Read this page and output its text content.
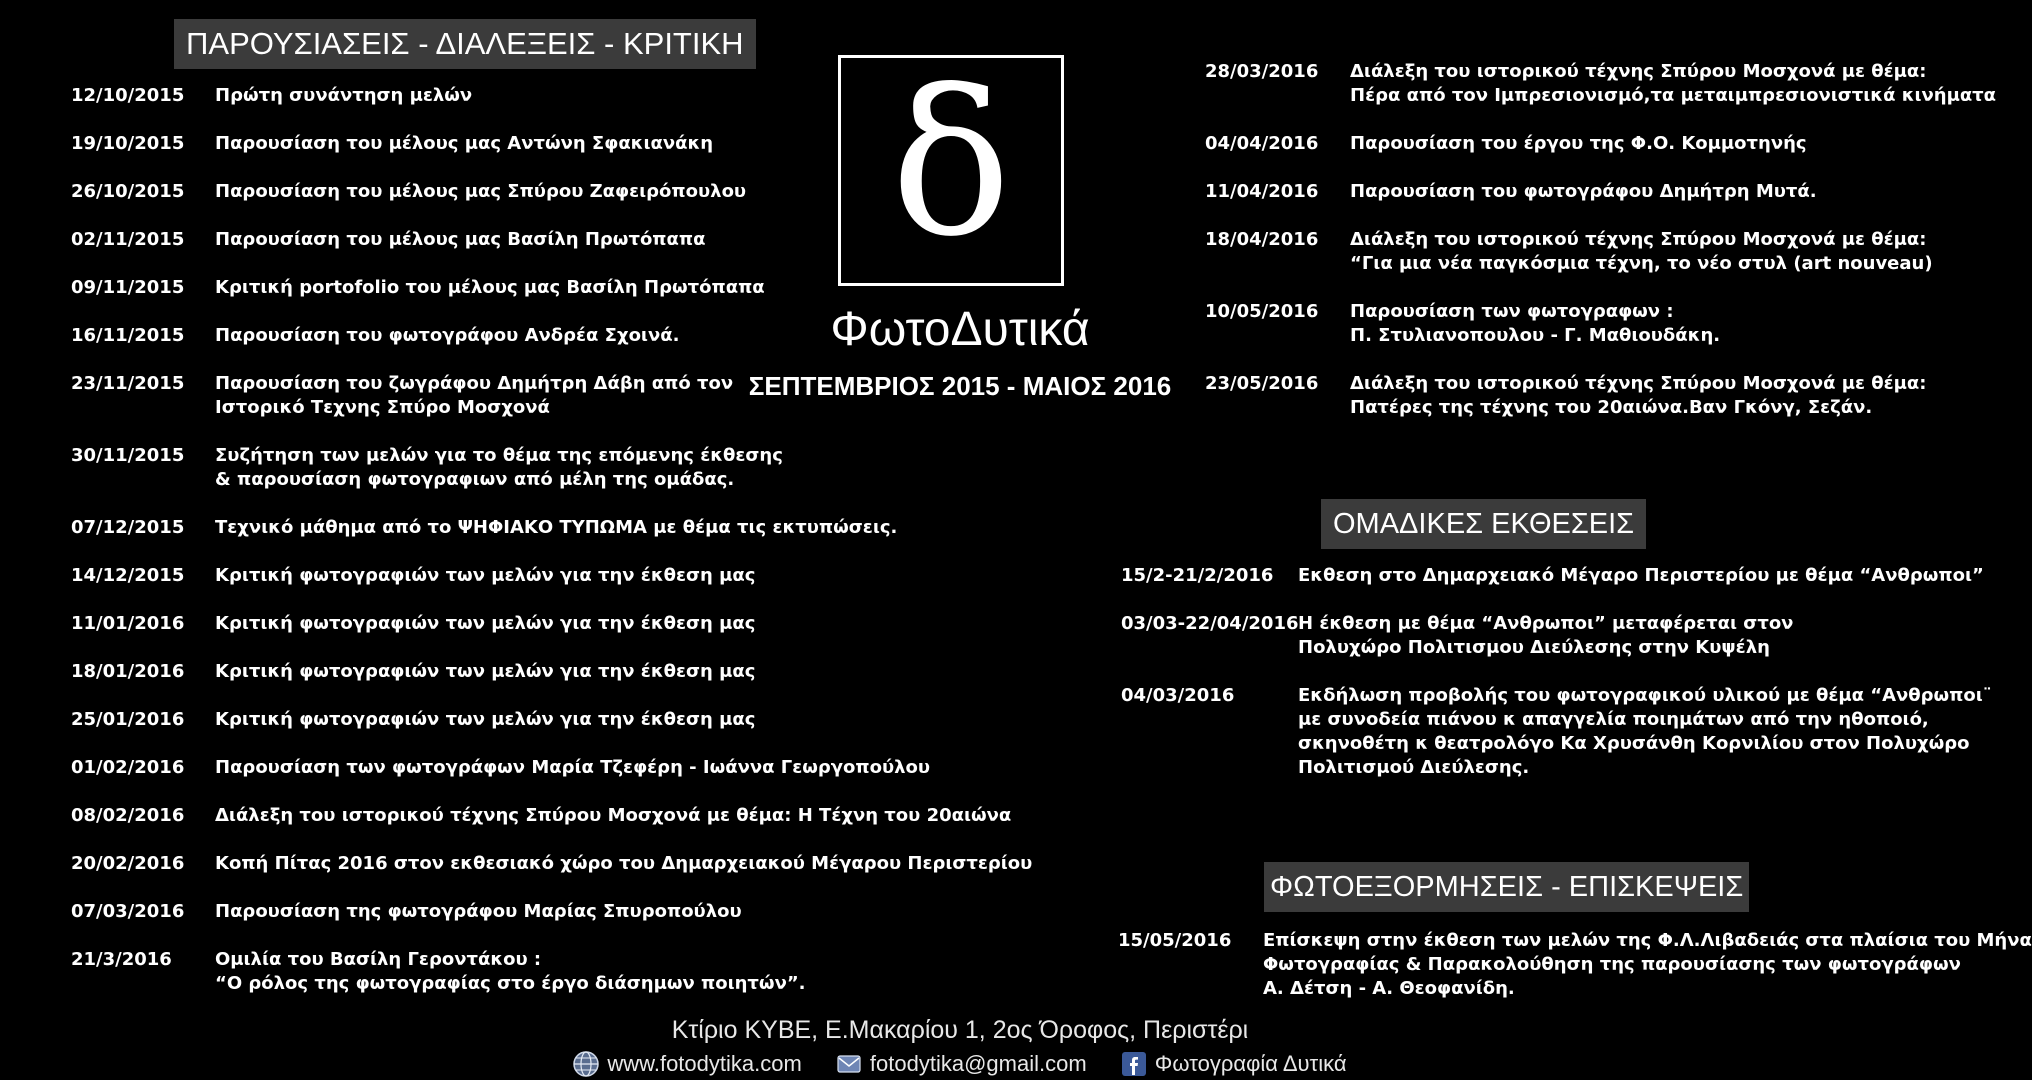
ΠΑΡΟΥΣΙΑΣΕΙΣ - ΔΙΑΛΕΞΕΙΣ - ΚΡΙΤΙΚΗ
ΟΜΑΔΙΚΕΣ ΕΚΘΕΣΕΙΣ
ΦΩΤΟΕΞΟΡΜΗΣΕΙΣ - ΕΠΙΣΚΕΨΕΙΣ
δ
ΦωτοΔυτικά
ΣΕΠΤΕΜΒΡΙΟΣ 2015 - ΜΑΙΟΣ 2016
12/10/2015 Πρώτη συνάντηση μελών
19/10/2015 Παρουσίαση του μέλους μας Αντώνη Σφακιανάκη
26/10/2015 Παρουσίαση του μέλους μας Σπύρου Ζαφειρόπουλου
02/11/2015 Παρουσίαση του μέλους μας Βασίλη Πρωτόπαπα
09/11/2015 Κριτική portofolio του μέλους μας Βασίλη Πρωτόπαπα
16/11/2015 Παρουσίαση του φωτογράφου Ανδρέα Σχοινά.
23/11/2015 Παρουσίαση του ζωγράφου Δημήτρη Δάβη από τον
Ιστορικό Τεχνης Σπύρο Μοσχονά
30/11/2015 Συζήτηση των μελών για το θέμα της επόμενης έκθεσης
& παρουσίαση φωτογραφιων από μέλη της ομάδας.
07/12/2015 Τεχνικό μάθημα από το ΨΗΦΙΑΚΟ ΤΥΠΩΜΑ με θέμα τις εκτυπώσεις.
14/12/2015 Κριτική φωτογραφιών των μελών για την έκθεση μας
11/01/2016 Κριτική φωτογραφιών των μελών για την έκθεση μας
18/01/2016 Κριτική φωτογραφιών των μελών για την έκθεση μας
25/01/2016 Κριτική φωτογραφιών των μελών για την έκθεση μας
01/02/2016 Παρουσίαση των φωτογράφων Μαρία Τζεφέρη - Ιωάννα Γεωργοπούλου
08/02/2016 Διάλεξη του ιστορικού τέχνης Σπύρου Μοσχονά με θέμα: Η Τέχνη του 20αιώνα
20/02/2016 Κοπή Πίτας 2016 στον εκθεσιακό χώρο του Δημαρχειακού Μέγαρου Περιστερίου
07/03/2016 Παρουσίαση της φωτογράφου Μαρίας Σπυροπούλου
21/3/2016 Ομιλία του Βασίλη Γεροντάκου :
“Ο ρόλος της φωτογραφίας στο έργο διάσημων ποιητών”.
28/03/2016 Διάλεξη του ιστορικού τέχνης Σπύρου Μοσχονά με θέμα:
Πέρα από τον Ιμπρεσιονισμό,τα μεταιμπρεσιονιστικά κινήματα
04/04/2016 Παρουσίαση του έργου της Φ.Ο. Κομμοτηνής
11/04/2016 Παρουσίαση του φωτογράφου Δημήτρη Μυτά.
18/04/2016 Διάλεξη του ιστορικού τέχνης Σπύρου Μοσχονά με θέμα:
“Για μια νέα παγκόσμια τέχνη, το νέο στυλ (art nouveau)
10/05/2016 Παρουσίαση των φωτογραφων :
Π. Στυλιανοπουλου - Γ. Μαθιουδάκη.
23/05/2016 Διάλεξη του ιστορικού τέχνης Σπύρου Μοσχονά με θέμα:
Πατέρες της τέχνης του 20αιώνα.Βαν Γκόνγ, Σεζάν.
15/2-21/2/2016 Εκθεση στο Δημαρχειακό Μέγαρο Περιστερίου με θέμα “Ανθρωποι”
03/03-22/04/2016 Η έκθεση με θέμα “Ανθρωποι” μεταφέρεται στον
Πολυχώρο Πολιτισμου Διεύλεσης στην Κυψέλη
04/03/2016	Εκδήλωση προβολής του φωτογραφικού υλικού με θέμα “Ανθρωποι¨
με συνοδεία πιάνου κ απαγγελία ποιημάτων από την ηθοποιό,
σκηνοθέτη κ θεατρολόγο Κα Χρυσάνθη Κορνιλίου στον Πολυχώρο
Πολιτισμού Διεύλεσης.
15/05/2016 Επίσκεψη στην έκθεση των μελών της Φ.Λ.Λιβαδειάς στα πλαίσια του Μήνα
Φωτογραφίας & Παρακολούθηση της παρουσίασης των φωτογράφων
Α. Δέτση - Α. Θεοφανίδη.
Κτίριο ΚΥΒΕ, Ε.Μακαρίου 1, 2ος Όροφος, Περιστέρι
www.fotodytika.com
	fotodytika@gmail.com
	Φωτογραφία Δυτικά
